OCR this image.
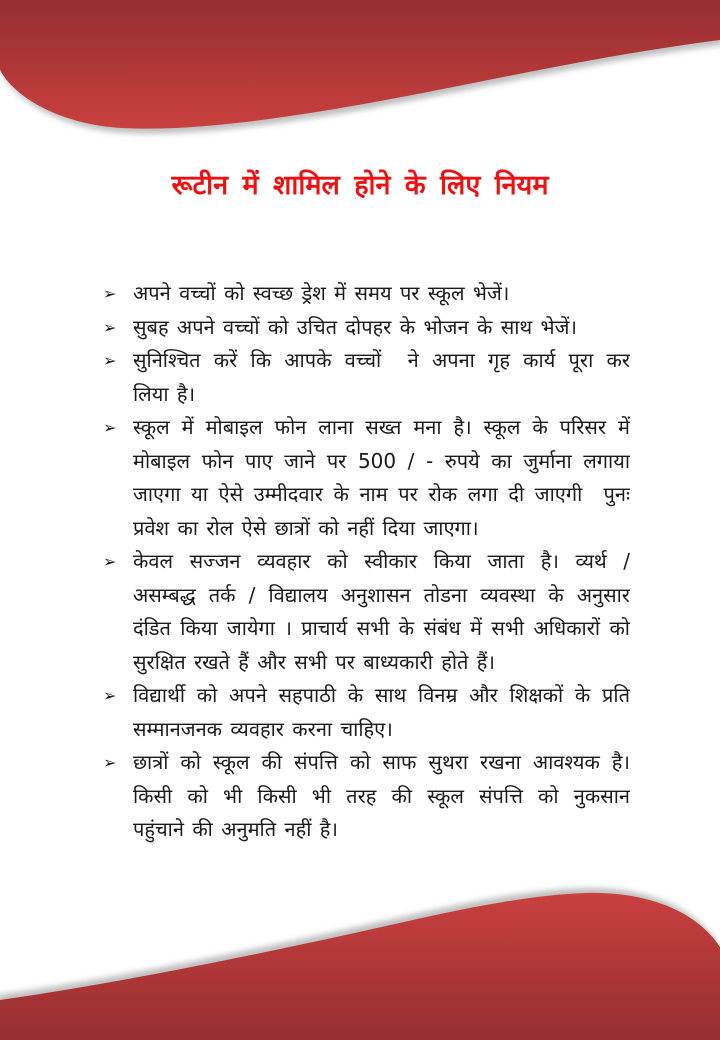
रूटीन में शामिल होने के लिए नियम
➢ अपने वच्चों को स्वच्छ ड्रेश में समय पर स्कूल भेजें।
➢ सुबह अपने वच्चों को उचित दोपहर के भोजन के साथ भेजें।
➢ सुनिश्चित करें कि आपके वच्चों  ने अपना गृह कार्य पूरा कर
लिया है।
➢ स्कूल में मोबाइल फोन लाना सख्त मना है। स्कूल के परिसर में
मोबाइल फोन पाए जाने पर 500 / - रुपये का जुर्माना लगाया
जाएगा या ऐसे उम्मीदवार के नाम पर रोक लगा दी जाएगी  पुनः
प्रवेश का रोल ऐसे छात्रों को नहीं दिया जाएगा।
➢ केवल सज्जन व्यवहार को स्वीकार किया जाता है। व्यर्थ /
असम्बद्ध तर्क / विद्यालय अनुशासन तोडना व्यवस्था के अनुसार
दंडित किया जायेगा । प्राचार्य सभी के संबंध में सभी अधिकारों को
सुरक्षित रखते हैं और सभी पर बाध्यकारी होते हैं।
➢ विद्यार्थी को अपने सहपाठी के साथ विनम्र और शिक्षकों के प्रति
सम्मानजनक व्यवहार करना चाहिए।
➢ छात्रों को स्कूल की संपत्ति को साफ सुथरा रखना आवश्यक है।
किसी को भी किसी भी तरह की स्कूल संपत्ति को नुकसान
पहुंचाने की अनुमति नहीं है।
